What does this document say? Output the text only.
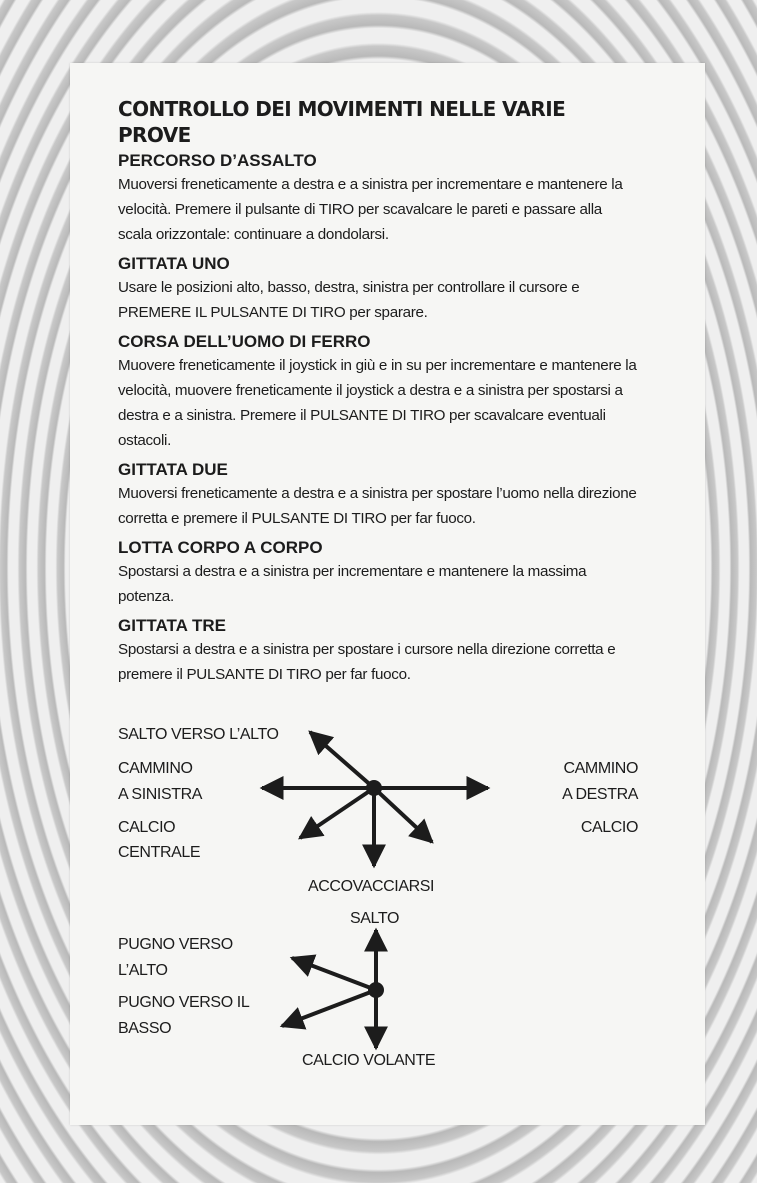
CONTROLLO DEI MOVIMENTI NELLE VARIE PROVE
PERCORSO D’ASSALTO
Muoversi freneticamente a destra e a sinistra per incrementare e mantenere la velocità. Premere il pulsante di TIRO per scavalcare le pareti e passare alla scala orizzontale: continuare a dondolarsi.
GITTATA UNO
Usare le posizioni alto, basso, destra, sinistra per controllare il cursore e PREMERE IL PULSANTE DI TIRO per sparare.
CORSA DELL’UOMO DI FERRO
Muovere freneticamente il joystick in giù e in su per incrementare e mantenere la velocità, muovere freneticamente il joystick a destra e a sinistra per spostarsi a destra e a sinistra. Premere il PULSANTE DI TIRO per scavalcare eventuali ostacoli.
GITTATA DUE
Muoversi freneticamente a destra e a sinistra per spostare l’uomo nella direzione corretta e premere il PULSANTE DI TIRO per far fuoco.
LOTTA CORPO A CORPO
Spostarsi a destra e a sinistra per incrementare e mantenere la massima potenza.
GITTATA TRE
Spostarsi a destra e a sinistra per spostare i cursore nella direzione corretta e premere il PULSANTE DI TIRO per far fuoco.
SALTO VERSO L’ALTO
CAMMINO
A SINISTRA
CALCIO
CENTRALE
CAMMINO
A DESTRA
CALCIO
ACCOVACCIARSI
SALTO
PUGNO VERSO
L’ALTO
PUGNO VERSO IL
BASSO
CALCIO VOLANTE
